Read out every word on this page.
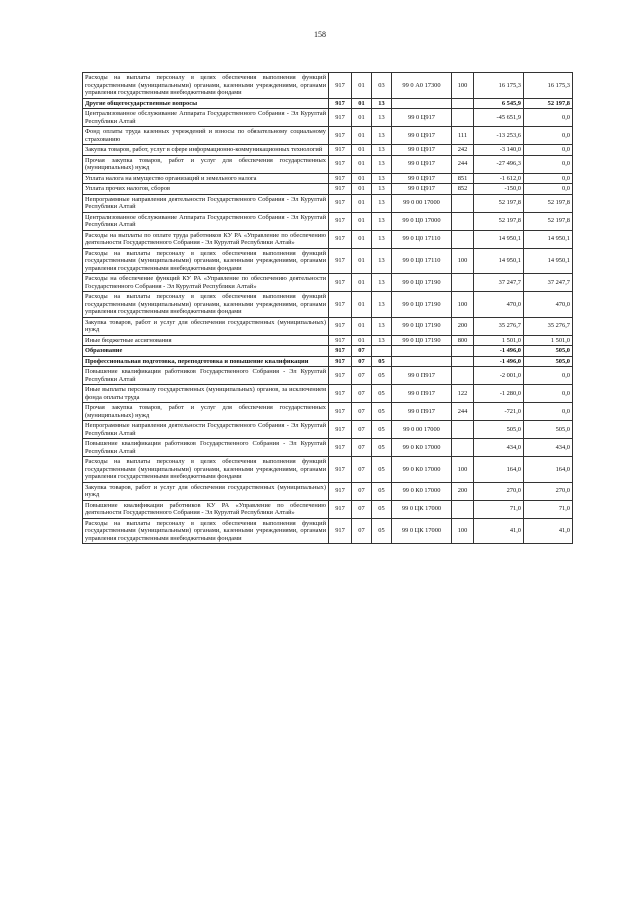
158
Расходы на выплаты персоналу в целях обеспечения выполнения функций государственными (муниципальными) органами, казенными учреждениями, органами управления государственными внебюджетными фондами	917	01	03	99 0 А0 17300	100	16 175,3	16 175,3
Другие общегосударственные вопросы	917	01	13			6 545,9	52 197,8
Централизованное обслуживание Аппарата Государственного Собрания - Эл Курултай Республики Алтай	917	01	13	99 0 Ц917		-45 651,9	0,0
Фонд оплаты труда казенных учреждений и взносы по обязательному социальному страхованию	917	01	13	99 0 Ц917	111	-13 253,6	0,0
Закупка товаров, работ, услуг в сфере информационно-коммуникационных технологий	917	01	13	99 0 Ц917	242	-3 140,0	0,0
Прочая закупка товаров, работ и услуг для обеспечения государственных (муниципальных) нужд	917	01	13	99 0 Ц917	244	-27 496,3	0,0
Уплата налога на имущество организаций и земельного налога	917	01	13	99 0 Ц917	851	-1 612,0	0,0
Уплата прочих налогов, сборов	917	01	13	99 0 Ц917	852	-150,0	0,0
Непрограммные направления деятельности Государственного Собрания - Эл Курултай Республики Алтай	917	01	13	99 0 00 17000		52 197,8	52 197,8
Централизованное обслуживание Аппарата Государственного Собрания - Эл Курултай Республики Алтай	917	01	13	99 0 Ц0 17000		52 197,8	52 197,8
Расходы на выплаты по оплате труда работников КУ РА «Управление по обеспечению деятельности Государственного Собрания - Эл Курултай Республики Алтай»	917	01	13	99 0 Ц0 17110		14 950,1	14 950,1
Расходы на выплаты персоналу в целях обеспечения выполнения функций государственными (муниципальными) органами, казенными учреждениями, органами управления государственными внебюджетными фондами	917	01	13	99 0 Ц0 17110	100	14 950,1	14 950,1
Расходы на обеспечение функций КУ РА «Управление по обеспечению деятельности Государственного Собрания - Эл Курултай Республики Алтай»	917	01	13	99 0 Ц0 17190		37 247,7	37 247,7
Расходы на выплаты персоналу в целях обеспечения выполнения функций государственными (муниципальными) органами, казенными учреждениями, органами управления государственными внебюджетными фондами	917	01	13	99 0 Ц0 17190	100	470,0	470,0
Закупка товаров, работ и услуг для обеспечения государственных (муниципальных) нужд	917	01	13	99 0 Ц0 17190	200	35 276,7	35 276,7
Иные бюджетные ассигнования	917	01	13	99 0 Ц0 17190	800	1 501,0	1 501,0
Образование	917	07				-1 496,0	505,0
Профессиональная подготовка, переподготовка и повышение квалификации	917	07	05			-1 496,0	505,0
Повышение квалификации работников Государственного Собрания - Эл Курултай Республики Алтай	917	07	05	99 0 П917		-2 001,0	0,0
Иные выплаты персоналу государственных (муниципальных) органов, за исключением фонда оплаты труда	917	07	05	99 0 П917	122	-1 280,0	0,0
Прочая закупка товаров, работ и услуг для обеспечения государственных (муниципальных) нужд	917	07	05	99 0 П917	244	-721,0	0,0
Непрограммные направления деятельности Государственного Собрания - Эл Курултай Республики Алтай	917	07	05	99 0 00 17000		505,0	505,0
Повышение квалификации работников Государственного Собрания - Эл Курултай Республики Алтай	917	07	05	99 0 К0 17000		434,0	434,0
Расходы на выплаты персоналу в целях обеспечения выполнения функций государственными (муниципальными) органами, казенными учреждениями, органами управления государственными внебюджетными фондами	917	07	05	99 0 К0 17000	100	164,0	164,0
Закупка товаров, работ и услуг для обеспечения государственных (муниципальных) нужд	917	07	05	99 0 К0 17000	200	270,0	270,0
Повышение квалификации работников КУ РА «Управление по обеспечению деятельности Государственного Собрания - Эл Курултай Республики Алтай»	917	07	05	99 0 ЦК 17000		71,0	71,0
Расходы на выплаты персоналу в целях обеспечения выполнения функций государственными (муниципальными) органами, казенными учреждениями, органами управления государственными внебюджетными фондами	917	07	05	99 0 ЦК 17000	100	41,0	41,0
